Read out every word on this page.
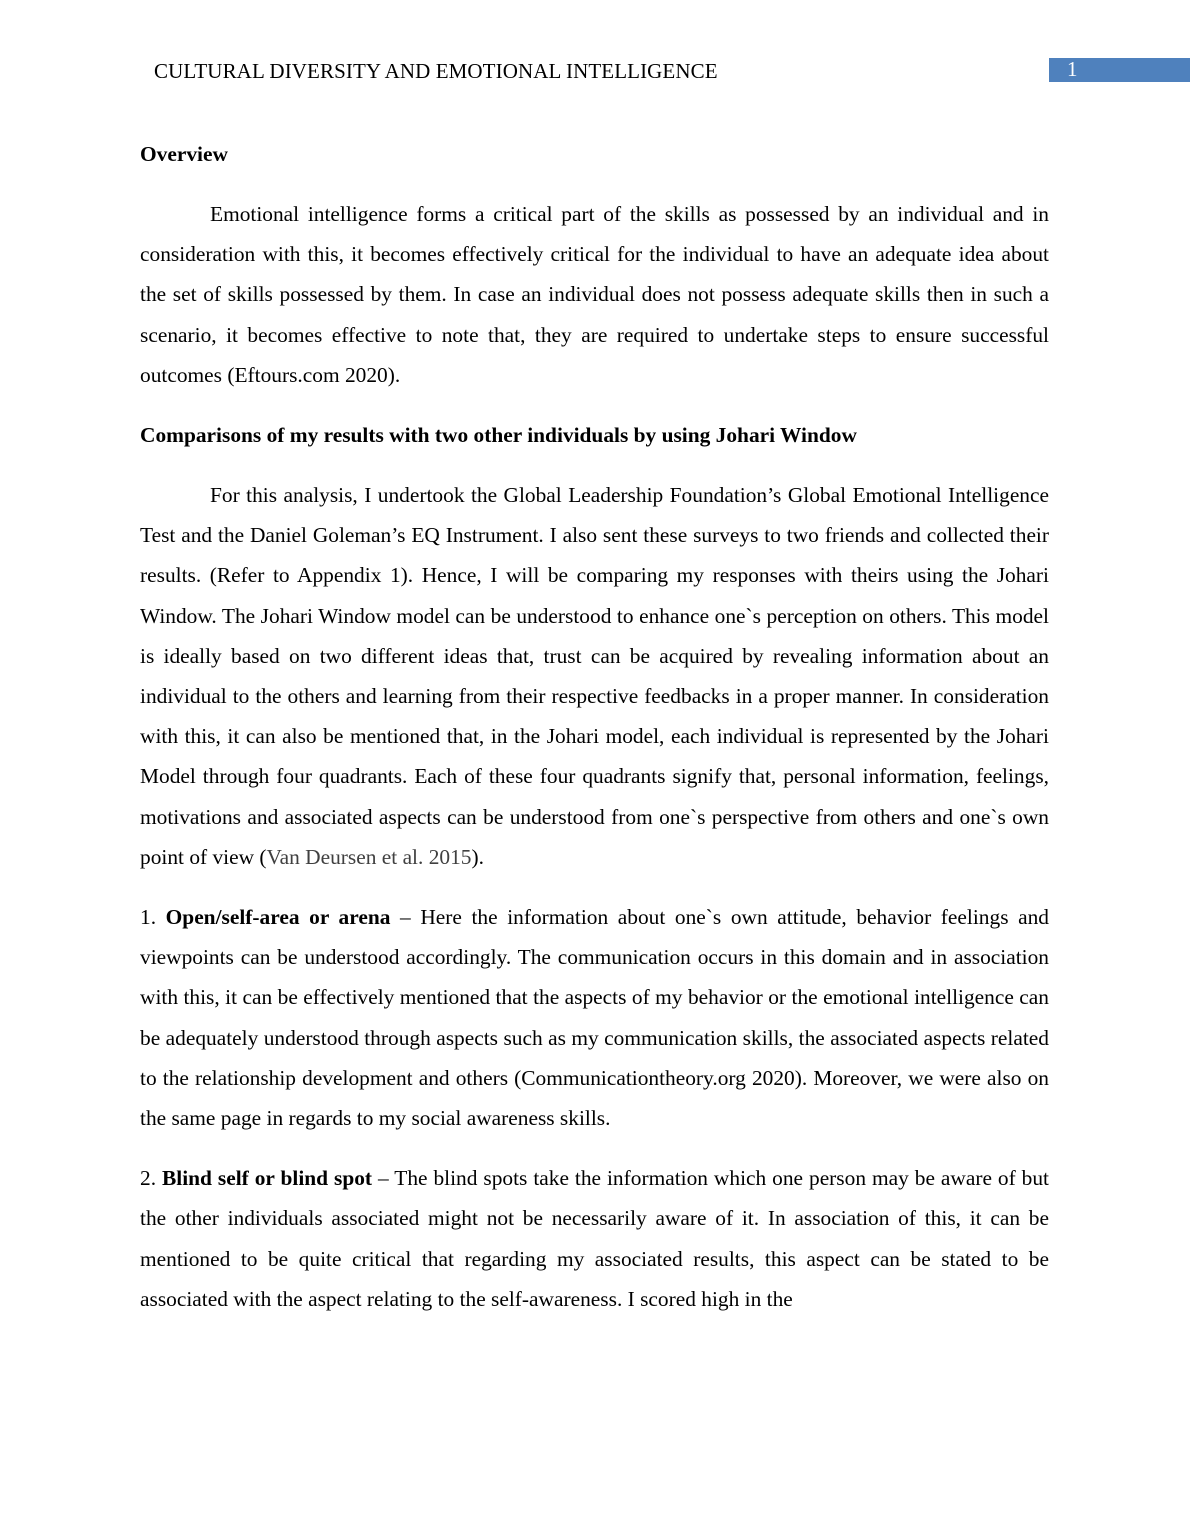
CULTURAL DIVERSITY AND EMOTIONAL INTELLIGENCE	1
Overview

Emotional intelligence forms a critical part of the skills as possessed by an individual and in consideration with this, it becomes effectively critical for the individual to have an adequate idea about the set of skills possessed by them. In case an individual does not possess adequate skills then in such a scenario, it becomes effective to note that, they are required to undertake steps to ensure successful outcomes (Eftours.com 2020).

Comparisons of my results with two other individuals by using Johari Window

For this analysis, I undertook the Global Leadership Foundation’s Global Emotional Intelligence Test and the Daniel Goleman’s EQ Instrument. I also sent these surveys to two friends and collected their results. (Refer to Appendix 1). Hence, I will be comparing my responses with theirs using the Johari Window. The Johari Window model can be understood to enhance one`s perception on others. This model is ideally based on two different ideas that, trust can be acquired by revealing information about an individual to the others and learning from their respective feedbacks in a proper manner. In consideration with this, it can also be mentioned that, in the Johari model, each individual is represented by the Johari Model through four quadrants. Each of these four quadrants signify that, personal information, feelings, motivations and associated aspects can be understood from one`s perspective from others and one`s own point of view (Van Deursen et al. 2015).

1. Open/self-area or arena – Here the information about one`s own attitude, behavior feelings and viewpoints can be understood accordingly. The communication occurs in this domain and in association with this, it can be effectively mentioned that the aspects of my behavior or the emotional intelligence can be adequately understood through aspects such as my communication skills, the associated aspects related to the relationship development and others (Communicationtheory.org 2020). Moreover, we were also on the same page in regards to my social awareness skills.

2. Blind self or blind spot – The blind spots take the information which one person may be aware of but the other individuals associated might not be necessarily aware of it. In association of this, it can be mentioned to be quite critical that regarding my associated results, this aspect can be stated to be associated with the aspect relating to the self-awareness. I scored high in the
